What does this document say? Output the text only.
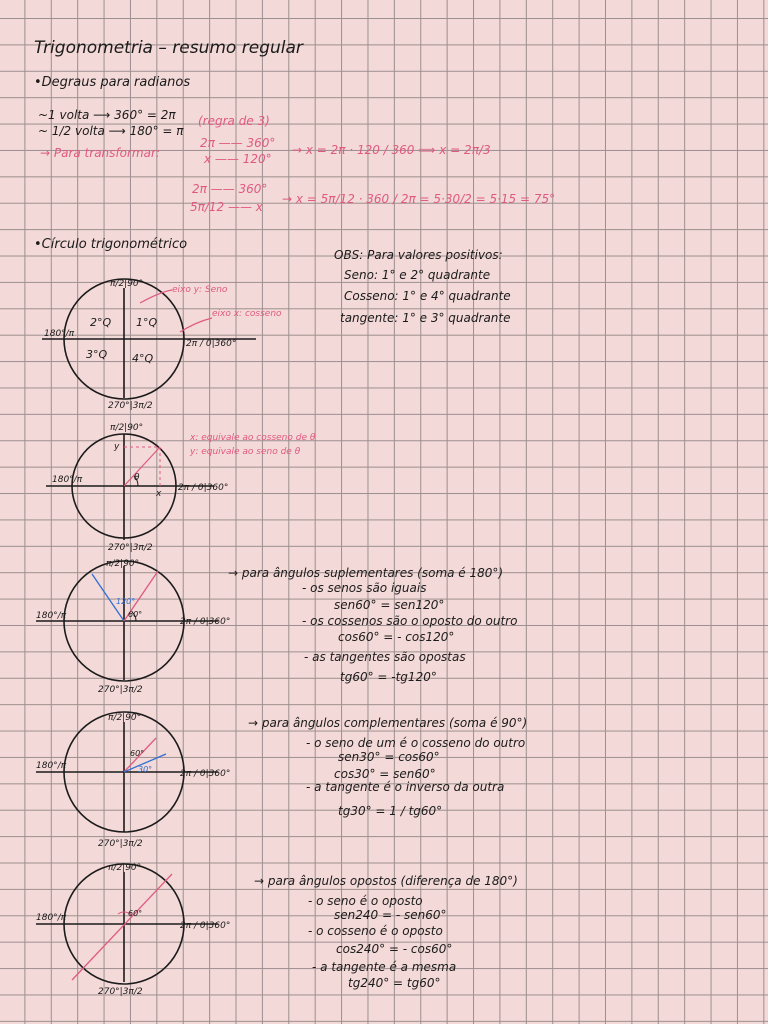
Trigonometria – resumo regular
•Degraus para radianos
~1 volta ⟶ 360° = 2π
~ 1/2 volta ⟶ 180° = π
(regra de 3)
→ Para transformar:
2π —— 360°
x —— 120°
→ x = 2π · 120 / 360 ⟹ x = 2π/3
2π —— 360°
5π/12 —— x
→ x = 5π/12 · 360 / 2π = 5·30/2 = 5·15 = 75°
•Círculo trigonométrico
OBS: Para valores positivos:
Seno: 1° e 2° quadrante
Cosseno: 1° e 4° quadrante
tangente: 1° e 3° quadrante
π/2|90°
270°|3π/2
180°/π
2π / 0|360°
2°Q 1°Q
3°Q 4°Q
eixo y: Seno
eixo x: cosseno
π/2|90°
270°|3π/2
180°/π
2π / 0|360°
y
x
θ
x: equivale ao cosseno de θ
y: equivale ao seno de θ
π/2|90°
270°|3π/2
180°/π
2π / 0|360°
60°
120°
π/2|90°
270°|3π/2
180°/π
2π / 0|360°
60°
30°
π/2|90°
270°|3π/2
180°/π
2π / 0|360°
60°
→ para ângulos suplementares (soma é 180°)
- os senos são iguais
sen60° = sen120°
- os cossenos são o oposto do outro
cos60° = - cos120°
- as tangentes são opostas
tg60° = -tg120°
→ para ângulos complementares (soma é 90°)
- o seno de um é o cosseno do outro
sen30° = cos60°
cos30° = sen60°
- a tangente é o inverso da outra
tg30° = 1 / tg60°
→ para ângulos opostos (diferença de 180°)
- o seno é o oposto
sen240 = - sen60°
- o cosseno é o oposto
cos240° = - cos60°
- a tangente é a mesma
tg240° = tg60°
